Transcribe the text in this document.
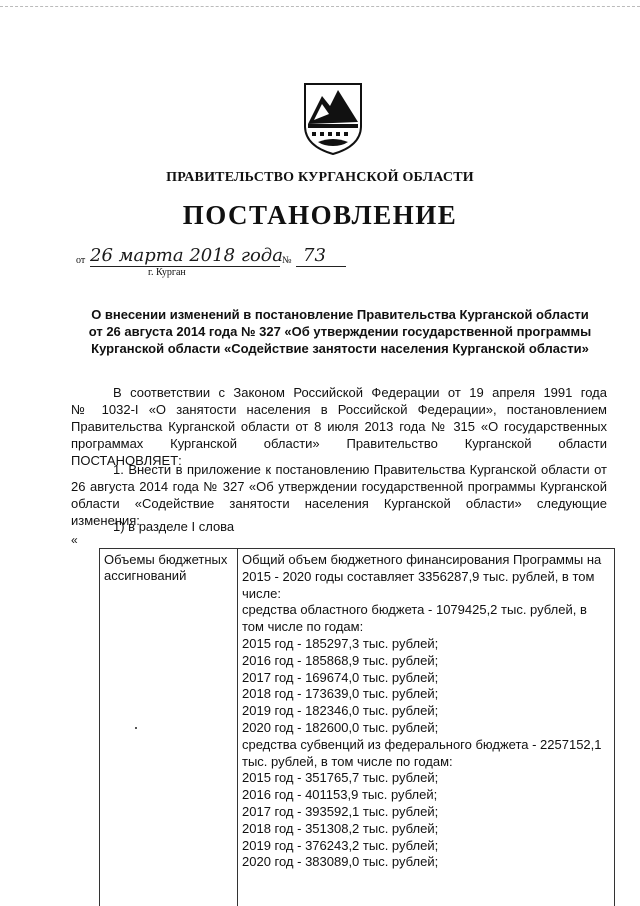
ПРАВИТЕЛЬСТВО КУРГАНСКОЙ ОБЛАСТИ
ПОСТАНОВЛЕНИЕ
от 26 марта 2018 года № 73
г. Курган
О внесении изменений в постановление Правительства Курганской области
от 26 августа 2014 года № 327 «Об утверждении государственной программы
Курганской области «Содействие занятости населения Курганской области»
В соответствии с Законом Российской Федерации от 19 апреля 1991 года
№ 1032-I «О занятости населения в Российской Федерации», постановлением
Правительства Курганской области от 8 июля 2013 года № 315 «О государственных
программах Курганской области» Правительство Курганской области
ПОСТАНОВЛЯЕТ:
1. Внести в приложение к постановлению Правительства Курганской области от
26 августа 2014 года № 327 «Об утверждении государственной программы Курганской
области «Содействие занятости населения Курганской области» следующие
изменения:
1) в разделе I слова
«
Объемы бюджетных
ассигнований
Общий объем бюджетного финансирования Программы на
2015 - 2020 годы составляет 3356287,9 тыс. рублей, в том
числе:
средства областного бюджета - 1079425,2 тыс. рублей, в
том числе по годам:
2015 год - 185297,3 тыс. рублей;
2016 год - 185868,9 тыс. рублей;
2017 год - 169674,0 тыс. рублей;
2018 год - 173639,0 тыс. рублей;
2019 год - 182346,0 тыс. рублей;
2020 год - 182600,0 тыс. рублей;
средства субвенций из федерального бюджета - 2257152,1
тыс. рублей, в том числе по годам:
2015 год - 351765,7 тыс. рублей;
2016 год - 401153,9 тыс. рублей;
2017 год - 393592,1 тыс. рублей;
2018 год - 351308,2 тыс. рублей;
2019 год - 376243,2 тыс. рублей;
2020 год - 383089,0 тыс. рублей;
